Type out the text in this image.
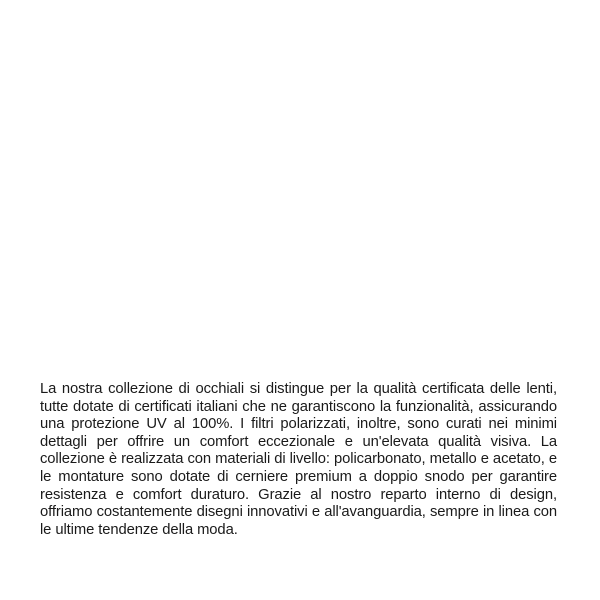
La nostra collezione di occhiali si distingue per la qualità certificata delle lenti, tutte dotate di certificati italiani che ne garantiscono la funzionalità, assicurando una protezione UV al 100%. I filtri polarizzati, inoltre, sono curati nei minimi dettagli per offrire un comfort eccezionale e un'elevata qualità visiva. La collezione è realizzata con materiali di livello: policarbonato, metallo e acetato, e le montature sono dotate di cerniere premium a doppio snodo per garantire resistenza e comfort duraturo. Grazie al nostro reparto interno di design, offriamo costantemente disegni innovativi e all'avanguardia, sempre in linea con le ultime tendenze della moda.
